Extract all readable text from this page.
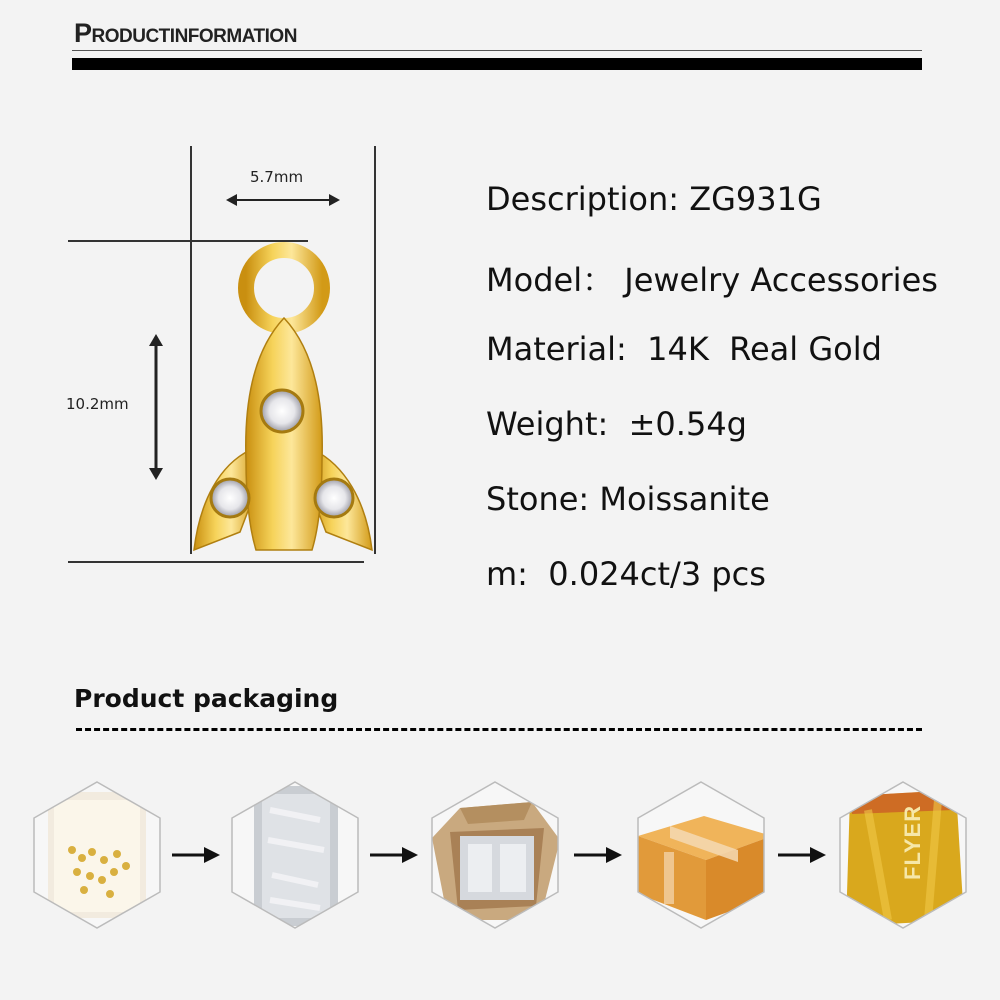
PRODUCTINFORMATION
5.7mm
10.2mm
Description: ZG931G
Model： Jewelry Accessories
Material:  14K  Real Gold
Weight:  ±0.54g
Stone: Moissanite
m:  0.024ct/3 pcs
Product packaging
FLYER
